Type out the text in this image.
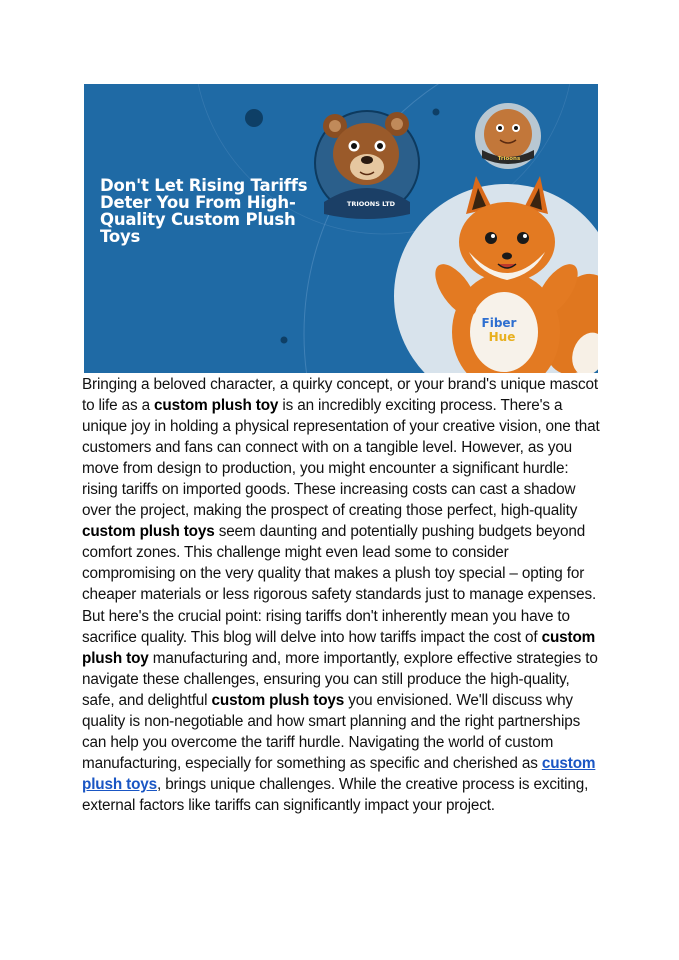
TRIOONS LTD
Trioons
Fiber
Hue
Don't Let Rising Tariffs Deter You From High-Quality Custom Plush Toys

Bringing a beloved character, a quirky concept, or your brand's unique mascot to life as a custom plush toy is an incredibly exciting process. There's a unique joy in holding a physical representation of your creative vision, one that customers and fans can connect with on a tangible level. However, as you move from design to production, you might encounter a significant hurdle: rising tariffs on imported goods. These increasing costs can cast a shadow over the project, making the prospect of creating those perfect, high-quality custom plush toys seem daunting and potentially pushing budgets beyond comfort zones. This challenge might even lead some to consider compromising on the very quality that makes a plush toy special – opting for cheaper materials or less rigorous safety standards just to manage expenses. But here's the crucial point: rising tariffs don't inherently mean you have to sacrifice quality. This blog will delve into how tariffs impact the cost of custom plush toy manufacturing and, more importantly, explore effective strategies to navigate these challenges, ensuring you can still produce the high-quality, safe, and delightful custom plush toys you envisioned. We'll discuss why quality is non-negotiable and how smart planning and the right partnerships can help you overcome the tariff hurdle. Navigating the world of custom manufacturing, especially for something as specific and cherished as custom plush toys, brings unique challenges. While the creative process is exciting, external factors like tariffs can significantly impact your project.
